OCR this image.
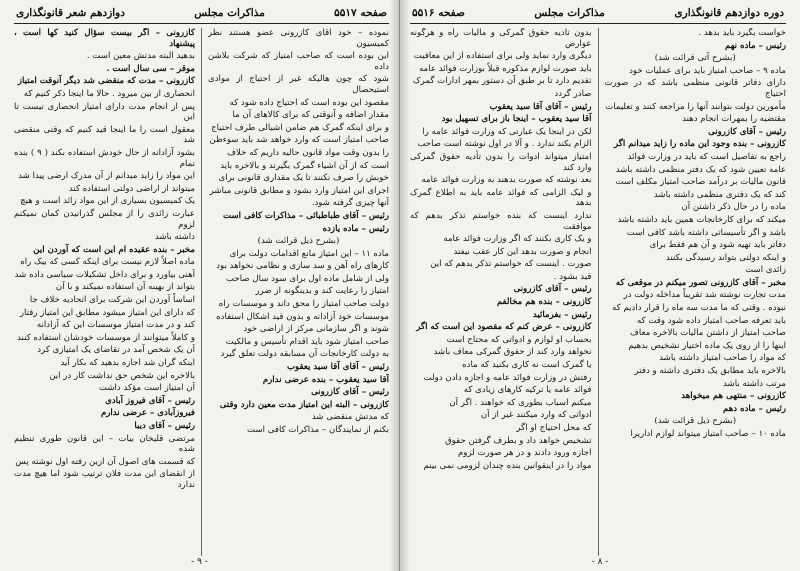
صفحه ۵۵۱۷
مذاکرات مجلس
دوازدهم شعر قانونگذاری

نموده – خود آقای کازرونی عضو هستند نظر کمیسیون

این بوده است که صاحب امتیاز که شرکت بلاشن داده

شود که چون هالیکه غیر از احتیاج از موادی استیحصال

مقصود این بوده است که احتیاج داده شود که

مقدار اضافه و آنوقتی که برای کالاهای آن ما

و برای اینکه گمرک هم ضامن اشیالی طرف احتیاج

صاحب امتیاز است که وارد خواهد شد باید سوءظن

را بدون وقت مواد قانون حالیه داریم که خلاف

است که از آن اشیاء گمرک بگیرند و بالاخره باید

خوبش را صرف نکنند تا یک مقداری قانونی برای

اجرای این امتیاز وارد بشود و مطابق قانونی مباشر

آنها چیزی گرفته شود.

رئیس – آقای طباطبائی – مذاکرات کافی است

رئیس – ماده یازده

(بشرح ذیل قرائت شد)

ماده ۱۱ – این امتیاز مانع اقدامات دولت برای

کارهای راه آهن و سد سازی و نظامی نخواهد بود

ولی از شامل ماده اول برای سود سال صاحب

امتیاز را رعایت کند و بدینگونه از ضرر

دولت صاحب امتیاز را محق داند و موسسات راه

موسسات خود آزادانه و بدون قید اشکال استفاده

شوند و اگر سازمانی مرکز از اراضی خود

صاحب امتیاز شود باید اقدام تأسیس و مالکیت

به دولت کارخانجات آن مسابقه دولت تعلق گیرد

رئیس – آقای آقا سید یعقوب

آقا سید یعقوب – بنده عرضی ندارم

رئیس – آقای کازرونی

کازرونی – البته این امتیاز مدت معین دارد وقتی

که مدتش منقضی شد

بکنم از نمایندگان – مذاکرات کافی است

کازرونی – اگر بیست سؤال کنید کها است ، پیشنهاد

بدهید البته مدتش معین است .

موقر – سی سال است .

کازرونی – مدت که منقضی شد دیگر آنوقت امتیاز

انحصاری از بین میرود . حالا ما اینجا ذکر کنیم که

پس از انجام مدت دارای امتیاز انحصاری نیست تا این

معقول است را ما اینجا قید کنیم که وقتی منقضی شد

بشود آزادانه از حال خودش استفاده بکند ( ۹ ) بنده تمام

این مواد را زاید میدانم از آن مدرک ارضی پیدا شد

میتواند از اراضی دولتی استفاده کند

یک کمیسیون بسیاری از این مواد زائد است و هیچ

عبارت زائدی را از مجلس گذرانیدن کمان نمیکنم لزوم

داشته باشد

مخبر – بنده عقیده ام این است که آوردن این

ماده اصلاً لازم نیست برای اینکه کسی که بیک راه

آهنی بیاورد و برای داخل تشکیلات سیاسی داده شد

بتواند از بهینه آن استفاده نمیکند و با آن

اساساً آوردن این شرکت برای اتحادیه خلاف جا

که دارای این امتیاز میشود مطابق این امتیاز رفتار

کند و در مدت امتیاز موسسات این که آزادانه

و کاملاً میتوانند از موسسات خودشان استفاده کنند

آن یک شخص آمد در تقاضای یک امتیازی کرد

اینکه گران شد اجازه بدهید که بکار آید

بالاخره این شخص حق نداشت کار در این

آن امتیاز است مؤکد داشت

رئیس – آقای فیروز آبادی

فیروزآبادی – عرضی ندارم

رئیس – آقای دیبا

مرتضی قلیخان بیات – این قانون طوری تنظیم شده

که قسمت های اصول آن ازین رفته اول نوشته پس

از انقضای این مدت فلان ترتیب شود اما هیچ مدت ندارد

- ۹ -
دوره دوازدهم قانونگذاری
مذاکرات مجلس
صفحه ۵۵۱۶

خواست بگیرد باید بدهد .

رئیس – ماده نهم

(بشرح آتی قرائت شد)

ماده ۹ – صاحب امتیاز باید برای عملیات خود

دارای دفاتر قانونی منظمی باشد که در صورت احتیاج

مأمورین دولت بتوانند آنها را مراجعه کنند و تعلیمات

مقتضیه را بمهرات انجام دهند

رئیس – آقای کازرونی

کازرونی – بنده وجود این ماده را زاید میدانم اگر

راجع به تفاصیل است که باید در وزارت فوائد

عامه تعیین شود که یک دفتر منظمی داشته باشد

قانون مالیات بر درآمد صاحب امتیاز مکلف است

کند که یک دفتری منظمی داشته باشد

ماده را در حال ذکر داشتن آن

میکند که برای کارخانجات همین باید داشته باشد

باشد و اگر تأسیساتی داشته باشد کافی است

دفاتر باید تهیه شود و آن هم فقط برای

و اینکه دولتی بتواند رسیدگی بکنند

زائدی است

مخبر – آقای کازرونی تصور میکنم در موقعی که

مدت تجارت نوشته شد تقریباً مداخله دولت در

نبوده . وقتی که ما مدت سه ماه را قرار دادیم که

باید تعرفه صاحب امتیاز داده شود وقت که

صاحب امتیاز از داشتن مالیات بالاخره معاف

اینها را از روی یک ماده اختیار تشخیص بدهیم

که مواد را صاحب امتیاز داشته باشد

بالاخره باید مطابق یک دفتری داشته و دفتر

مرتب داشته باشد

کازرونی – منتهی هم میخواهد

رئیس – ماده دهم

(بشرح ذیل قرائت شد)

ماده ۱۰ – صاحب امتیاز میتواند لوازم اداریرا

بدون تأدیه حقوق گمرکی و مالیات راه و هرگونه عوارض

دیگری وارد نماید ولی برای استفاده از این معافیت

باید صورت لوازم مذکوره قبلاً بوزارت فوائد عامه

تقدیم دارد تا بر طبق آن دستور بمهر ادارات گمرک

صادر گردد

رئیس – آقای آقا سید یعقوب

آقا سید یعقوب – اینجا باز برای تسهیل بود

لکن در اینجا یک عبارتی که وزارت فوائد عامه را

الزام بکند ندارد . و آلا در اول نوشته است صاحب

امتیاز میتواند ادوات را بدون تأدیه حقوق گمرکی وارد کند

بعد نوشته که صورت بدهند به وزارت فوائد عامه

و لیک الزامی که فوائد عامه باید به اطلاع گمرک بدهد

ندارد اینست که بنده خواستم تذکر بدهم که موافقت

و یک کاری بکنند که اگر وزارت فوائد عامه

انجام و صورت بدهد این کار عقب نیفتد

صورت . اینست که خواستم تذکر بدهم که این

قید بشود .

رئیس – آقای کازرونی

کازرونی – بنده هم مخالفم

رئیس – بفرمائید

کازرونی – عرض کنم که مقصود این است که اگر

بحساب او لوازم و ادواتی که محتاج است

نخواهد وارد کند از حقوق گمرکی معاف باشد

یا گمرک است نه کاری بکنید که ماده

رفتش در وزارت فوائد عامه و اجازه دادن دولت

فوائد عامه یا ترکیه کارهای زیادی که

میکنم اسباب بطوری که خواهند . اگر آن

ادواتی که وارد میکنند غیر از آن

که محل احتیاج او اگر

تشخیص خواهد داد و بطرف گرفتن حقوق

اجازه ورود دادند و در هر صورت لزوم

مواد را در اینقوانین بنده چندان لزومی نمی بینم

- ۸ -
